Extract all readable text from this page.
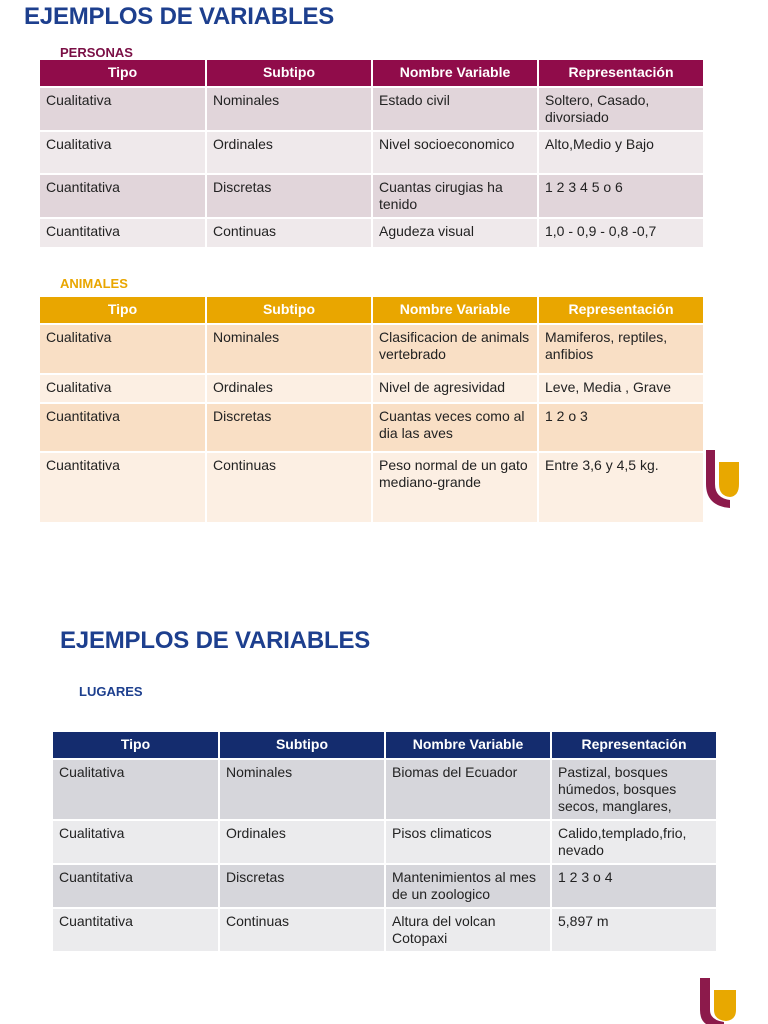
EJEMPLOS DE VARIABLES
PERSONAS
Tipo	Subtipo	Nombre Variable	Representación
Cualitativa	Nominales	Estado civil	Soltero, Casado, divorsiado
Cualitativa	Ordinales	Nivel socioeconomico	Alto,Medio y Bajo
Cuantitativa	Discretas	Cuantas cirugias ha tenido	1 2 3 4 5 o 6
Cuantitativa	Continuas	Agudeza visual	1,0 - 0,9 - 0,8 -0,7
ANIMALES
Tipo	Subtipo	Nombre Variable	Representación
Cualitativa	Nominales	Clasificacion de animals vertebrado	Mamiferos, reptiles, anfibios
Cualitativa	Ordinales	Nivel de agresividad	Leve, Media , Grave
Cuantitativa	Discretas	Cuantas veces como al dia las aves	1 2 o 3
Cuantitativa	Continuas	Peso normal de un gato mediano-grande	Entre 3,6 y 4,5 kg.
EJEMPLOS DE VARIABLES
LUGARES
Tipo	Subtipo	Nombre Variable	Representación
Cualitativa	Nominales	Biomas del Ecuador	Pastizal, bosques húmedos, bosques secos, manglares,
Cualitativa	Ordinales	Pisos climaticos	Calido,templado,frio, nevado
Cuantitativa	Discretas	Mantenimientos al mes de un zoologico	1 2 3 o 4
Cuantitativa	Continuas	Altura del volcan Cotopaxi	5,897 m
